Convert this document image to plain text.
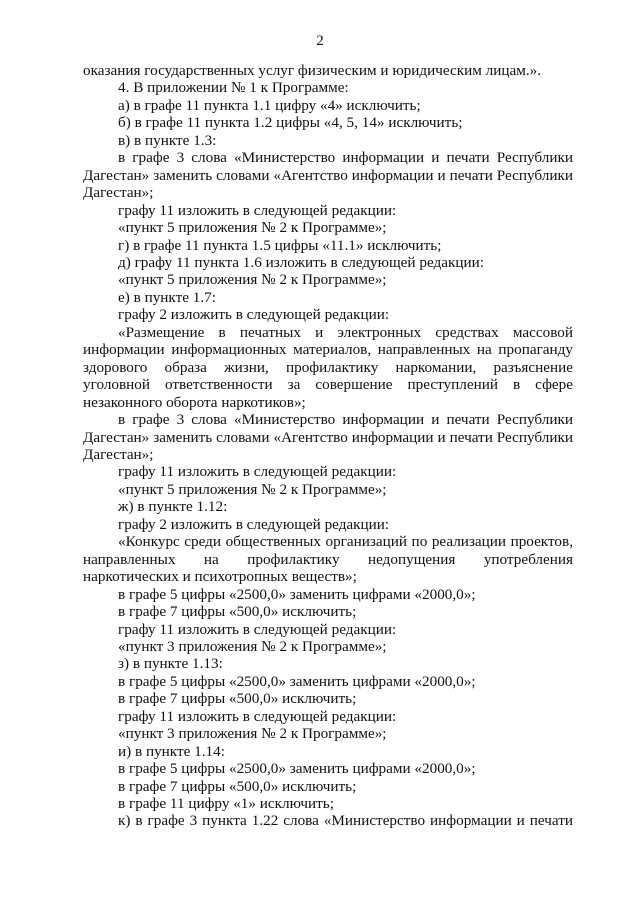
2

оказания государственных услуг физическим и юридическим лицам.».

4. В приложении № 1 к Программе:

а) в графе 11 пункта 1.1 цифру «4» исключить;

б) в графе 11 пункта 1.2 цифры «4, 5, 14» исключить;

в) в пункте 1.3:

в графе 3 слова «Министерство информации и печати Республики Дагестан» заменить словами «Агентство информации и печати Республики Дагестан»;

графу 11 изложить в следующей редакции:

«пункт 5 приложения № 2 к Программе»;

г) в графе 11 пункта 1.5 цифры «11.1» исключить;

д) графу 11 пункта 1.6 изложить в следующей редакции:

«пункт 5 приложения № 2 к Программе»;

е) в пункте 1.7:

графу 2 изложить в следующей редакции:

«Размещение в печатных и электронных средствах массовой информации информационных материалов, направленных на пропаганду здорового образа жизни, профилактику наркомании, разъяснение уголовной ответственности за совершение преступлений в сфере незаконного оборота наркотиков»;

в графе 3 слова «Министерство информации и печати Республики Дагестан» заменить словами «Агентство информации и печати Республики Дагестан»;

графу 11 изложить в следующей редакции:

«пункт 5 приложения № 2 к Программе»;

ж) в пункте 1.12:

графу 2 изложить в следующей редакции:

«Конкурс среди общественных организаций по реализации проектов, направленных на профилактику недопущения употребления наркотических и психотропных веществ»;

в графе 5 цифры «2500,0» заменить цифрами «2000,0»;

в графе 7 цифры «500,0» исключить;

графу 11 изложить в следующей редакции:

«пункт 3 приложения № 2 к Программе»;

з) в пункте 1.13:

в графе 5 цифры «2500,0» заменить цифрами «2000,0»;

в графе 7 цифры «500,0» исключить;

графу 11 изложить в следующей редакции:

«пункт 3 приложения № 2 к Программе»;

и) в пункте 1.14:

в графе 5 цифры «2500,0» заменить цифрами «2000,0»;

в графе 7 цифры «500,0» исключить;

в графе 11 цифру «1» исключить;

к) в графе 3 пункта 1.22 слова «Министерство информации и печати
